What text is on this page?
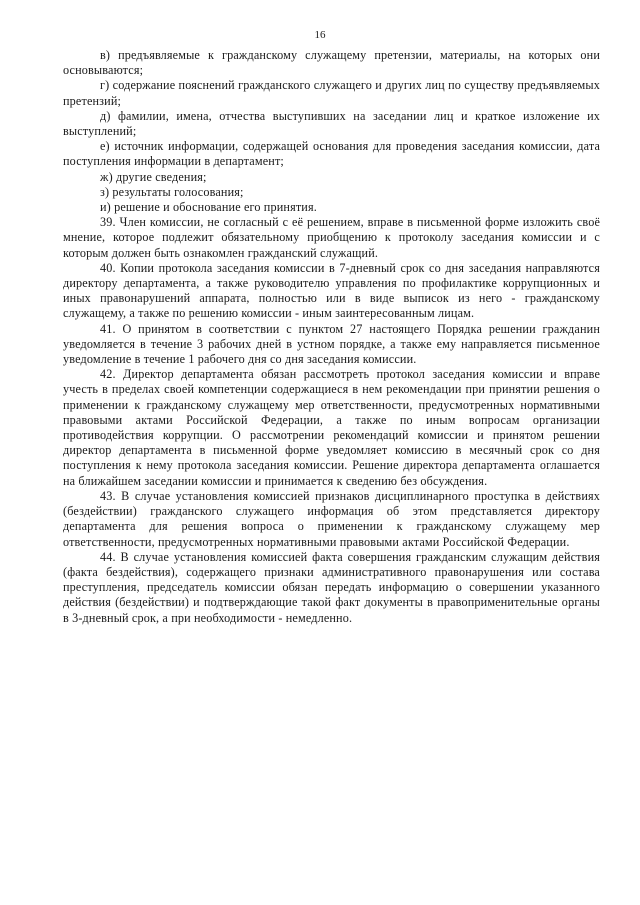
16

в) предъявляемые к гражданскому служащему претензии, материалы, на которых они основываются;

г) содержание пояснений гражданского служащего и других лиц по существу предъявляемых претензий;

д) фамилии, имена, отчества выступивших на заседании лиц и краткое изложение их выступлений;

е) источник информации, содержащей основания для проведения заседания комиссии, дата поступления информации в департамент;

ж) другие сведения;

з) результаты голосования;

и) решение и обоснование его принятия.

39. Член комиссии, не согласный с её решением, вправе в письменной форме изложить своё мнение, которое подлежит обязательному приобщению к протоколу заседания комиссии и с которым должен быть ознакомлен гражданский служащий.

40. Копии протокола заседания комиссии в 7-дневный срок со дня заседания направляются директору департамента, а также руководителю управления по профилактике коррупционных и иных правонарушений аппарата, полностью или в виде выписок из него - гражданскому служащему, а также по решению комиссии - иным заинтересованным лицам.

41. О принятом в соответствии с пунктом 27 настоящего Порядка решении гражданин уведомляется в течение 3 рабочих дней в устном порядке, а также ему направляется письменное уведомление в течение 1 рабочего дня со дня заседания комиссии.

42. Директор департамента обязан рассмотреть протокол заседания комиссии и вправе учесть в пределах своей компетенции содержащиеся в нем рекомендации при принятии решения о применении к гражданскому служащему мер ответственности, предусмотренных нормативными правовыми актами Российской Федерации, а также по иным вопросам организации противодействия коррупции. О рассмотрении рекомендаций комиссии и принятом решении директор департамента в письменной форме уведомляет комиссию в месячный срок со дня поступления к нему протокола заседания комиссии. Решение директора департамента оглашается на ближайшем заседании комиссии и принимается к сведению без обсуждения.

43. В случае установления комиссией признаков дисциплинарного проступка в действиях (бездействии) гражданского служащего информация об этом представляется директору департамента для решения вопроса о применении к гражданскому служащему мер ответственности, предусмотренных нормативными правовыми актами Российской Федерации.

44. В случае установления комиссией факта совершения гражданским служащим действия (факта бездействия), содержащего признаки административного правонарушения или состава преступления, председатель комиссии обязан передать информацию о совершении указанного действия (бездействии) и подтверждающие такой факт документы в правоприменительные органы в 3-дневный срок, а при необходимости - немедленно.
